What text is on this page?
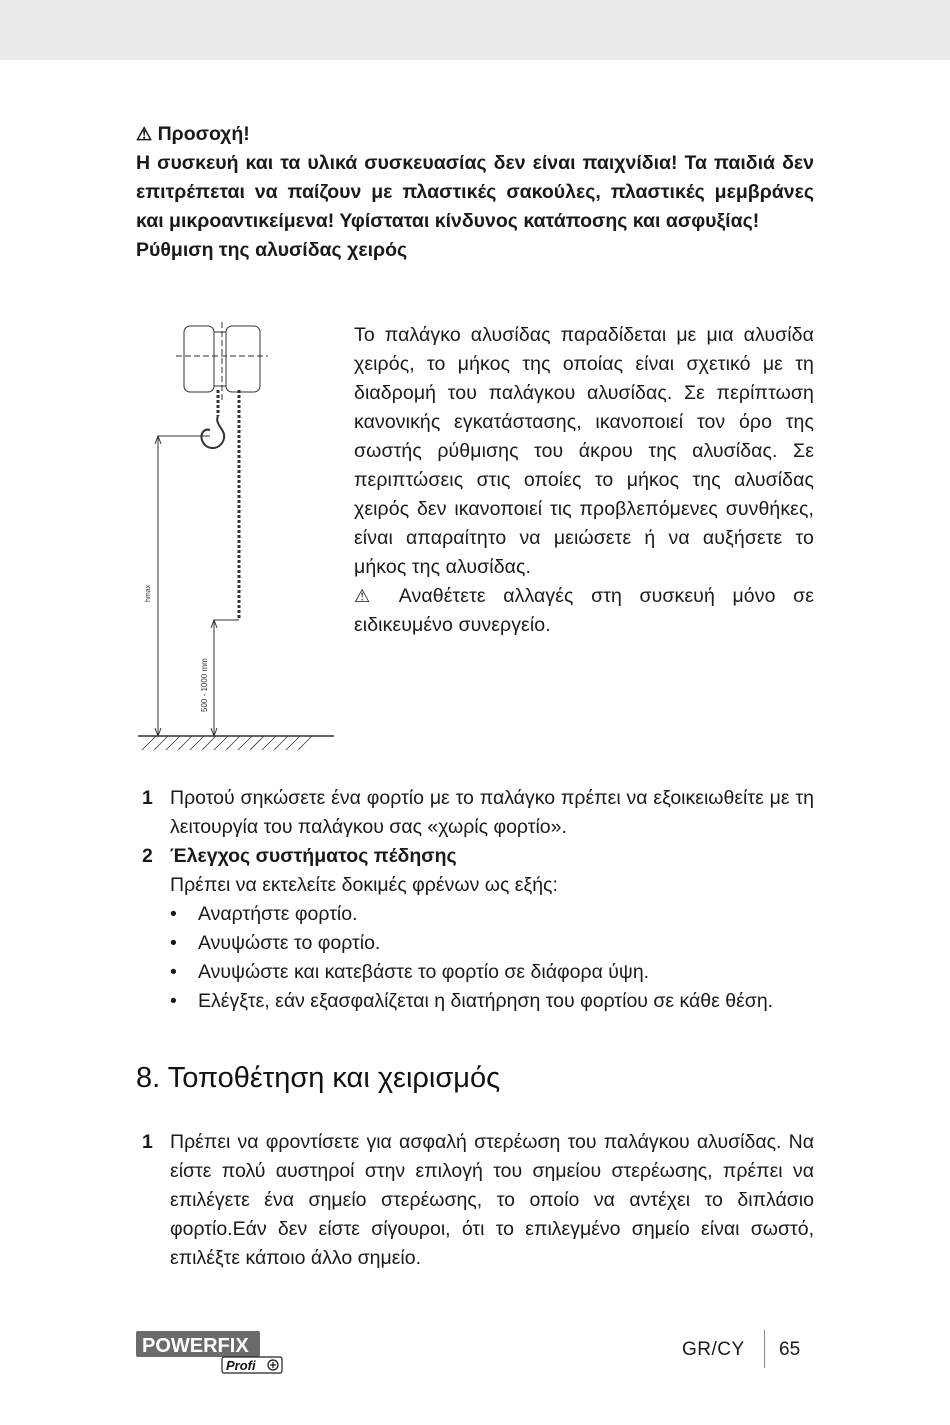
⚠ Προσοχή!

Η συσκευή και τα υλικά συσκευασίας δεν είναι παιχνίδια! Τα παιδιά δεν επιτρέπεται να παίζουν με πλαστικές σακούλες, πλαστικές μεμβράνες και μικροαντικείμενα! Υφίσταται κίνδυνος κατάποσης και ασφυξίας!

Ρύθμιση της αλυσίδας χειρός

hmax
500 - 1000 mm

Το παλάγκο αλυσίδας παραδίδεται με μια αλυσίδα χειρός, το μήκος της οποίας είναι σχετικό με τη διαδρομή του παλάγκου αλυσίδας. Σε περίπτωση κανονικής εγκατάστασης, ικανοποιεί τον όρο της σωστής ρύθμισης του άκρου της αλυσίδας. Σε περιπτώσεις στις οποίες το μήκος της αλυσίδας χειρός δεν ικανοποιεί τις προβλεπόμενες συνθήκες, είναι απαραίτητο να μειώσετε ή να αυξήσετε το μήκος της αλυσίδας.

⚠ Αναθέτετε αλλαγές στη συσκευή μόνο σε ειδικευμένο συνεργείο.

1 Προτού σηκώσετε ένα φορτίο με το παλάγκο πρέπει να εξοικειωθείτε με τη λειτουργία του παλάγκου σας «χωρίς φορτίο».
2 Έλεγχος συστήματος πέδησης
Πρέπει να εκτελείτε δοκιμές φρένων ως εξής:
• Αναρτήστε φορτίο.
• Ανυψώστε το φορτίο.
• Ανυψώστε και κατεβάστε το φορτίο σε διάφορα ύψη.
• Ελέγξτε, εάν εξασφαλίζεται η διατήρηση του φορτίου σε κάθε θέση.
8. Τοποθέτηση και χειρισμός
1 Πρέπει να φροντίσετε για ασφαλή στερέωση του παλάγκου αλυσίδας. Να είστε πολύ αυστηροί στην επιλογή του σημείου στερέωσης, πρέπει να επιλέγετε ένα σημείο στερέωσης, το οποίο να αντέχει το διπλάσιο φορτίο.Εάν δεν είστε σίγουροι, ότι το επιλεγμένο σημείο είναι σωστό, επιλέξτε κάποιο άλλο σημείο.
POWERFIX
Profi
GR/CY 65
